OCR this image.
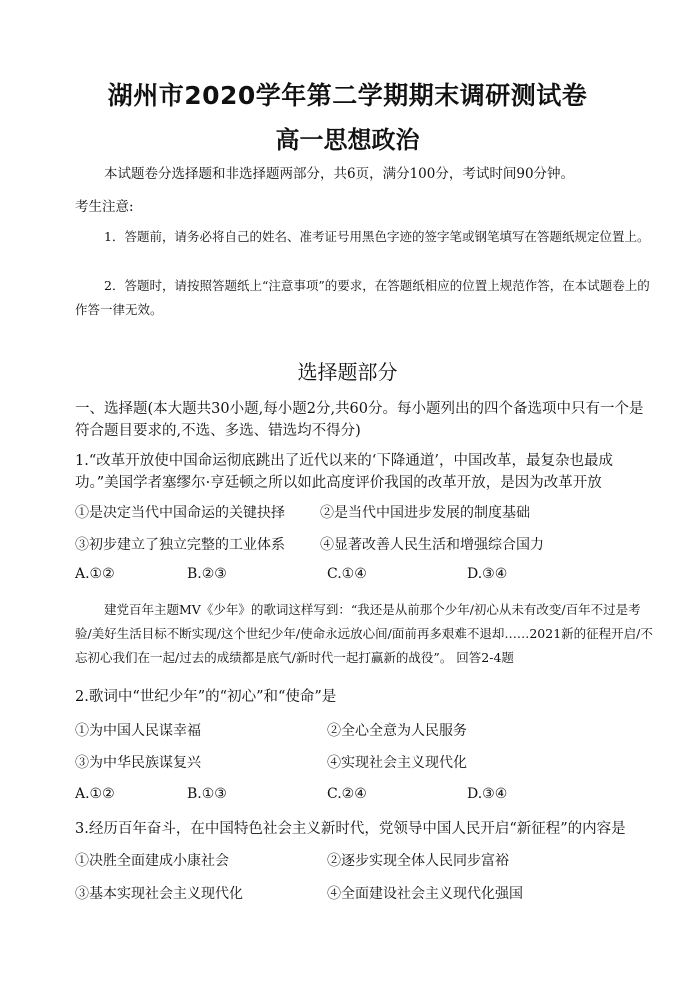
湖州市2020学年第二学期期末调研测试卷
高一思想政治
本试题卷分选择题和非选择题两部分，共6页，满分100分，考试时间90分钟。
考生注意:
1．答题前，请务必将自己的姓名、准考证号用黑色字迹的签字笔或钢笔填写在答题纸规定位置上。
2．答题时，请按照答题纸上“注意事项”的要求，在答题纸相应的位置上规范作答，在本试题卷上的作答一律无效。
选择题部分
一、选择题(本大题共30小题,每小题2分,共60分。每小题列出的四个备选项中只有一个是符合题目要求的,不选、多选、错选均不得分)
1.“改革开放使中国命运彻底跳出了近代以来的‘下降通道’，中国改革，最复杂也最成功。”美国学者塞缪尔·亨廷顿之所以如此高度评价我国的改革开放，是因为改革开放
①是决定当代中国命运的关键抉择	②是当代中国进步发展的制度基础
③初步建立了独立完整的工业体系	④显著改善人民生活和增强综合国力
A.①②	B.②③	C.①④	D.③④
建党百年主题MV《少年》的歌词这样写到：“我还是从前那个少年/初心从未有改变/百年不过是考验/美好生活目标不断实现/这个世纪少年/使命永远放心间/面前再多艰难不退却……2021新的征程开启/不忘初心我们在一起/过去的成绩都是底气/新时代一起打赢新的战役”。 回答2-4题
2.歌词中“世纪少年”的“初心”和“使命”是
①为中国人民谋幸福	②全心全意为人民服务
③为中华民族谋复兴	④实现社会主义现代化
A.①②	B.①③	C.②④	D.③④
3.经历百年奋斗，在中国特色社会主义新时代，党领导中国人民开启“新征程”的内容是
①决胜全面建成小康社会	②逐步实现全体人民同步富裕
③基本实现社会主义现代化	④全面建设社会主义现代化强国
